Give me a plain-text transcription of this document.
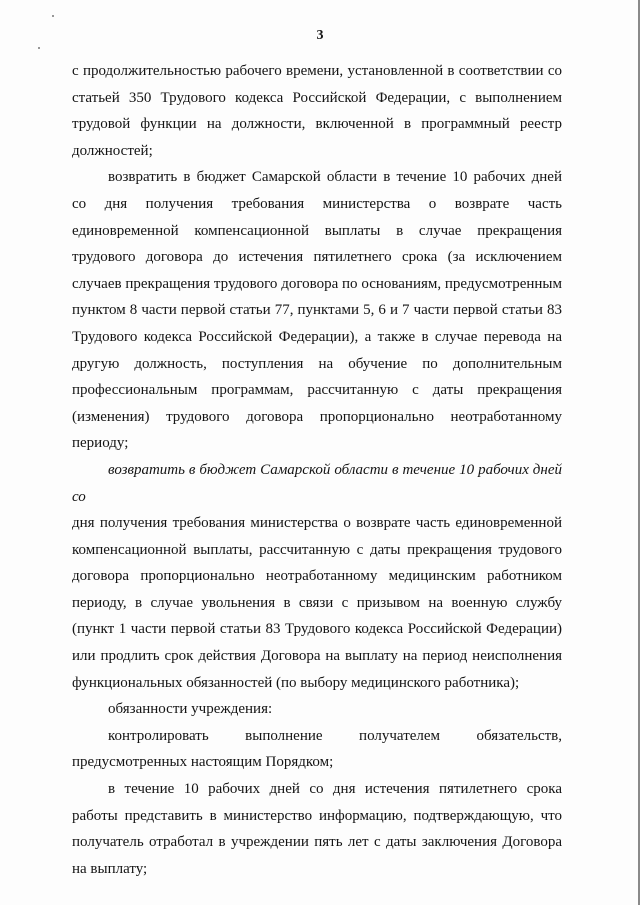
3

с продолжительностью рабочего времени, установленной в соответствии со

статьей 350 Трудового кодекса Российской Федерации, с выполнением

трудовой функции на должности, включенной в программный реестр

должностей;

возвратить в бюджет Самарской области в течение 10 рабочих дней

со дня получения требования министерства о возврате часть

единовременной компенсационной выплаты в случае прекращения

трудового договора до истечения пятилетнего срока (за исключением

случаев прекращения трудового договора по основаниям, предусмотренным

пунктом 8 части первой статьи 77, пунктами 5, 6 и 7 части первой статьи 83

Трудового кодекса Российской Федерации), а также в случае перевода на

другую должность, поступления на обучение по дополнительным

профессиональным программам, рассчитанную с даты прекращения

(изменения) трудового договора пропорционально неотработанному

периоду;

возвратить в бюджет Самарской области в течение 10 рабочих дней со

дня получения требования министерства о возврате часть единовременной

компенсационной выплаты, рассчитанную с даты прекращения трудового

договора пропорционально неотработанному медицинским работником

периоду, в случае увольнения в связи с призывом на военную службу

(пункт 1 части первой статьи 83 Трудового кодекса Российской Федерации)

или продлить срок действия Договора на выплату на период неисполнения

функциональных обязанностей (по выбору медицинского работника);

обязанности учреждения:

контролировать выполнение получателем обязательств,

предусмотренных настоящим Порядком;

в течение 10 рабочих дней со дня истечения пятилетнего срока

работы представить в министерство информацию, подтверждающую, что

получатель отработал в учреждении пять лет с даты заключения Договора

на выплату;
